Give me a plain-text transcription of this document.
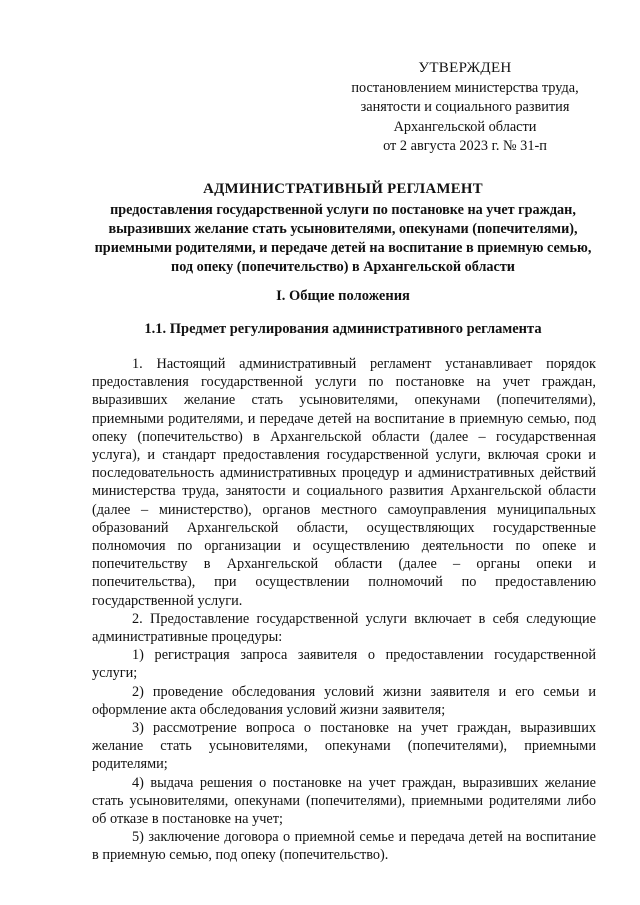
УТВЕРЖДЕН
постановлением министерства труда,
занятости и социального развития
Архангельской области
от 2 августа 2023 г. № 31-п
АДМИНИСТРАТИВНЫЙ РЕГЛАМЕНТ
предоставления государственной услуги по постановке на учет граждан, выразивших желание стать усыновителями, опекунами (попечителями), приемными родителями, и передаче детей на воспитание в приемную семью, под опеку (попечительство) в Архангельской области
I. Общие положения
1.1. Предмет регулирования административного регламента

1. Настоящий административный регламент устанавливает порядок предоставления государственной услуги по постановке на учет граждан, выразивших желание стать усыновителями, опекунами (попечителями), приемными родителями, и передаче детей на воспитание в приемную семью, под опеку (попечительство) в Архангельской области (далее – государственная услуга), и стандарт предоставления государственной услуги, включая сроки и последовательность административных процедур и административных действий министерства труда, занятости и социального развития Архангельской области (далее – министерство), органов местного самоуправления муниципальных образований Архангельской области, осуществляющих государственные полномочия по организации и осуществлению деятельности по опеке и попечительству в Архангельской области (далее – органы опеки и попечительства), при осуществлении полномочий по предоставлению государственной услуги.

2. Предоставление государственной услуги включает в себя следующие административные процедуры:

1) регистрация запроса заявителя о предоставлении государственной услуги;

2) проведение обследования условий жизни заявителя и его семьи и оформление акта обследования условий жизни заявителя;

3) рассмотрение вопроса о постановке на учет граждан, выразивших желание стать усыновителями, опекунами (попечителями), приемными родителями;

4) выдача решения о постановке на учет граждан, выразивших желание стать усыновителями, опекунами (попечителями), приемными родителями либо об отказе в постановке на учет;

5) заключение договора о приемной семье и передача детей на воспитание в приемную семью, под опеку (попечительство).
